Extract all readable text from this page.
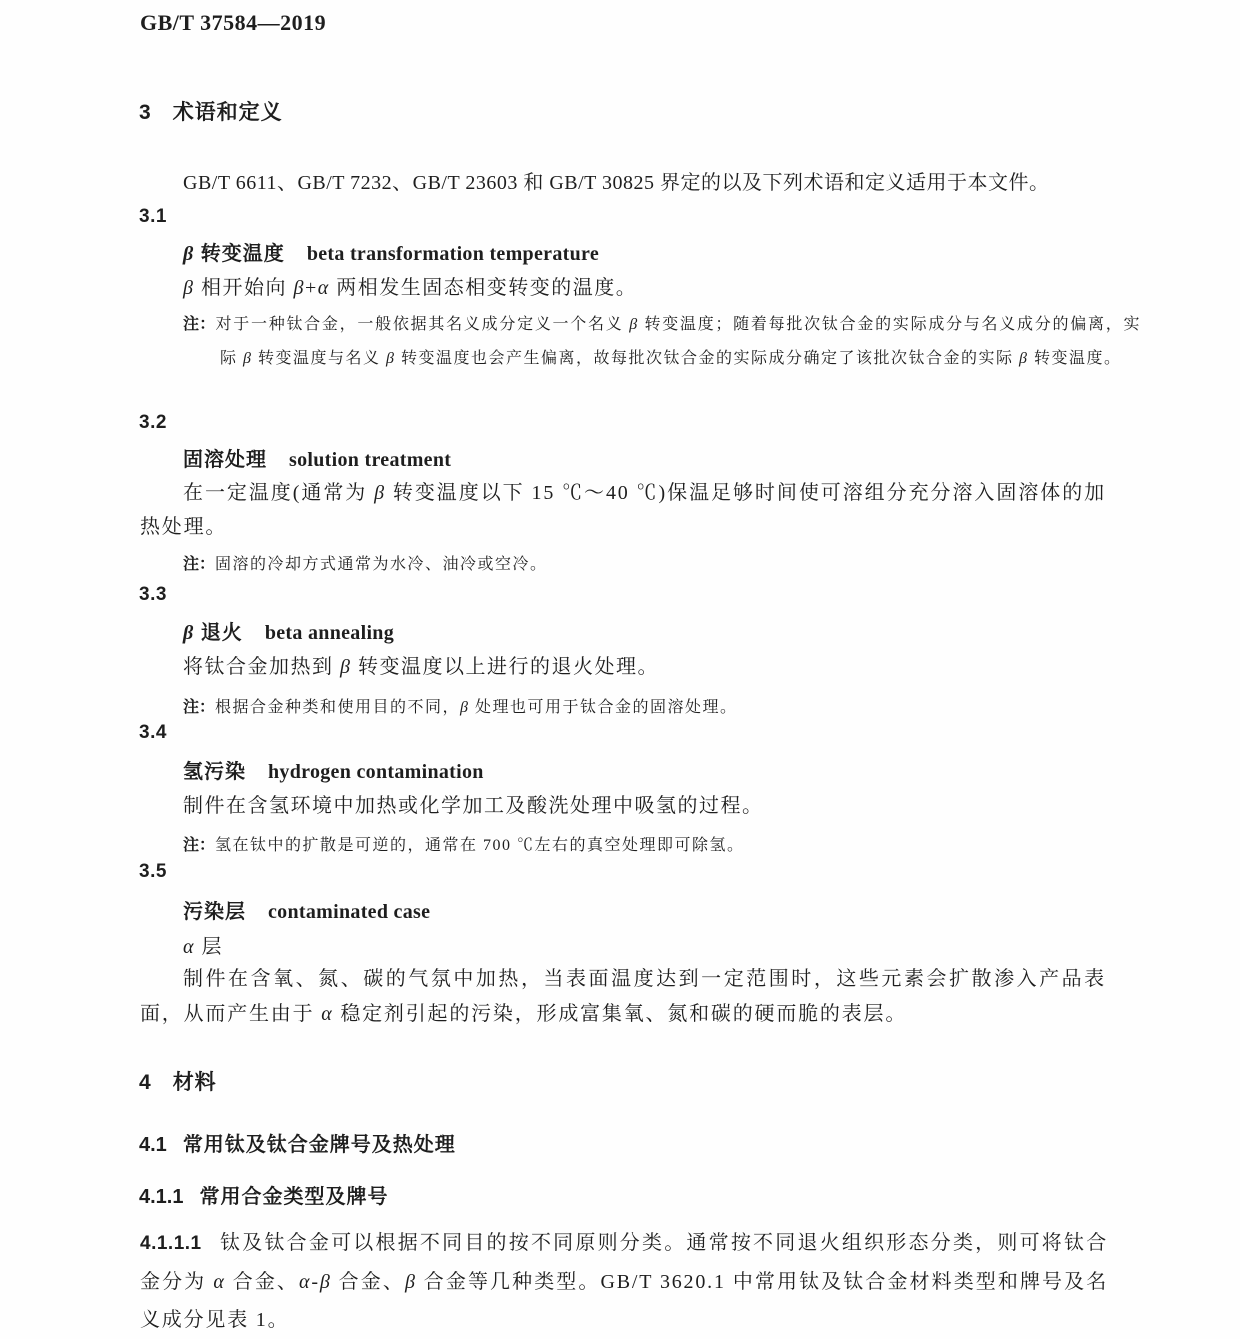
GB/T 37584—2019
3 术语和定义
GB/T 6611、GB/T 7232、GB/T 23603 和 GB/T 30825 界定的以及下列术语和定义适用于本文件。
3.1
β 转变温度 beta transformation temperature
β 相开始向 β+α 两相发生固态相变转变的温度。
注：对于一种钛合金，一般依据其名义成分定义一个名义 β 转变温度；随着每批次钛合金的实际成分与名义成分的偏离，实际 β 转变温度与名义 β 转变温度也会产生偏离，故每批次钛合金的实际成分确定了该批次钛合金的实际 β 转变温度。
3.2
固溶处理 solution treatment
在一定温度(通常为 β 转变温度以下 15 ℃～40 ℃)保温足够时间使可溶组分充分溶入固溶体的加热处理。
注：固溶的冷却方式通常为水冷、油冷或空冷。
3.3
β 退火 beta annealing
将钛合金加热到 β 转变温度以上进行的退火处理。
注：根据合金种类和使用目的不同，β 处理也可用于钛合金的固溶处理。
3.4
氢污染 hydrogen contamination
制件在含氢环境中加热或化学加工及酸洗处理中吸氢的过程。
注：氢在钛中的扩散是可逆的，通常在 700 ℃左右的真空处理即可除氢。
3.5
污染层 contaminated case
α 层
制件在含氧、氮、碳的气氛中加热，当表面温度达到一定范围时，这些元素会扩散渗入产品表面，从而产生由于 α 稳定剂引起的污染，形成富集氧、氮和碳的硬而脆的表层。
4 材料
4.1 常用钛及钛合金牌号及热处理
4.1.1 常用合金类型及牌号
4.1.1.1 钛及钛合金可以根据不同目的按不同原则分类。通常按不同退火组织形态分类，则可将钛合金分为 α 合金、α-β 合金、β 合金等几种类型。GB/T 3620.1 中常用钛及钛合金材料类型和牌号及名义成分见表 1。
